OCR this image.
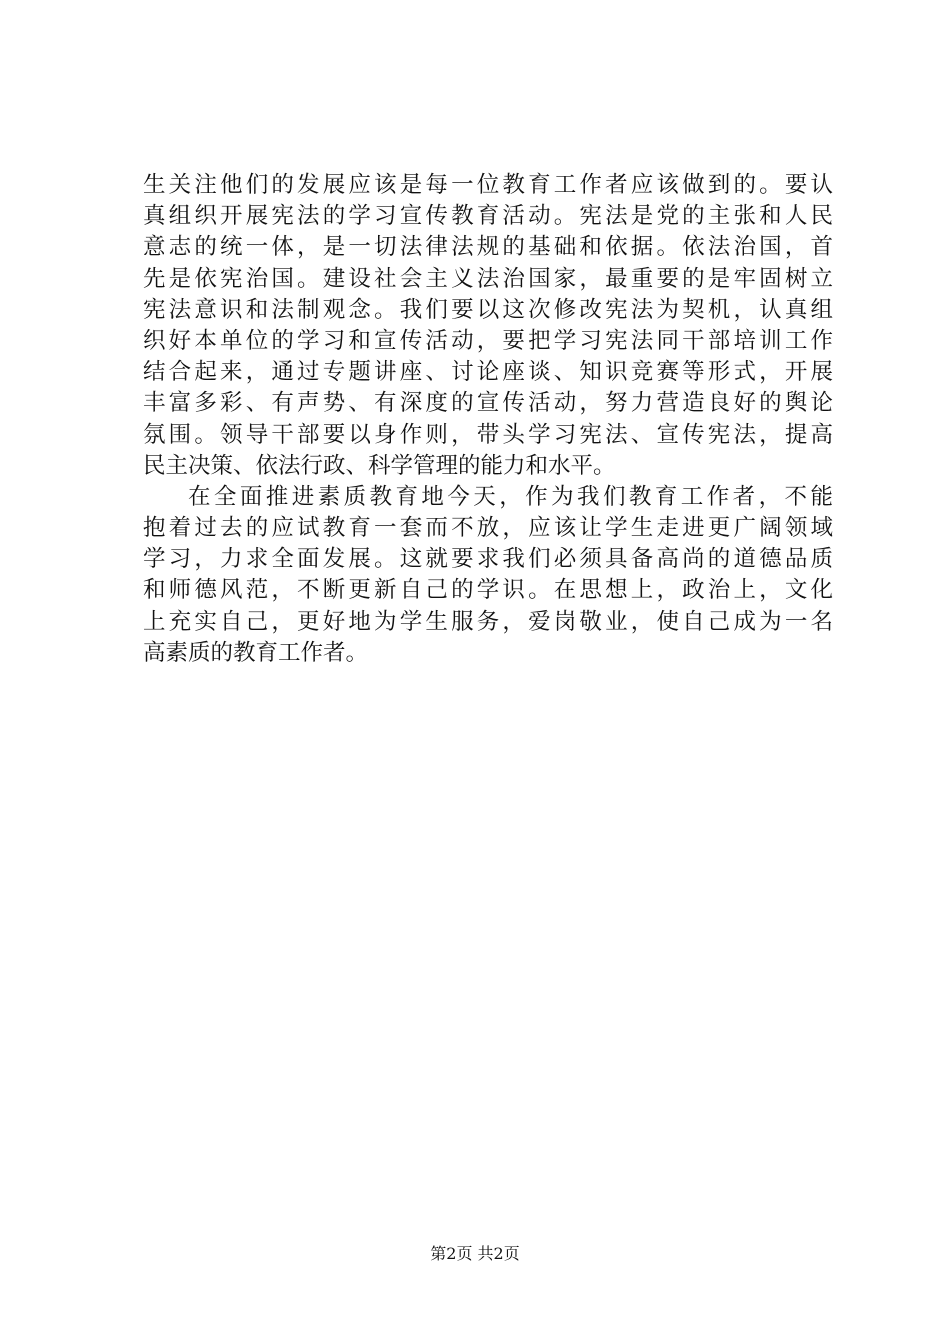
生关注他们的发展应该是每一位教育工作者应该做到的。要认
真组织开展宪法的学习宣传教育活动。宪法是党的主张和人民
意志的统一体，是一切法律法规的基础和依据。依法治国，首
先是依宪治国。建设社会主义法治国家，最重要的是牢固树立
宪法意识和法制观念。我们要以这次修改宪法为契机，认真组
织好本单位的学习和宣传活动，要把学习宪法同干部培训工作
结合起来，通过专题讲座、讨论座谈、知识竞赛等形式，开展
丰富多彩、有声势、有深度的宣传活动，努力营造良好的舆论
氛围。领导干部要以身作则，带头学习宪法、宣传宪法，提高
民主决策、依法行政、科学管理的能力和水平。
在全面推进素质教育地今天，作为我们教育工作者，不能
抱着过去的应试教育一套而不放，应该让学生走进更广阔领域
学习，力求全面发展。这就要求我们必须具备高尚的道德品质
和师德风范，不断更新自己的学识。在思想上，政治上，文化
上充实自己，更好地为学生服务，爱岗敬业，使自己成为一名
高素质的教育工作者。
第2页 共2页
